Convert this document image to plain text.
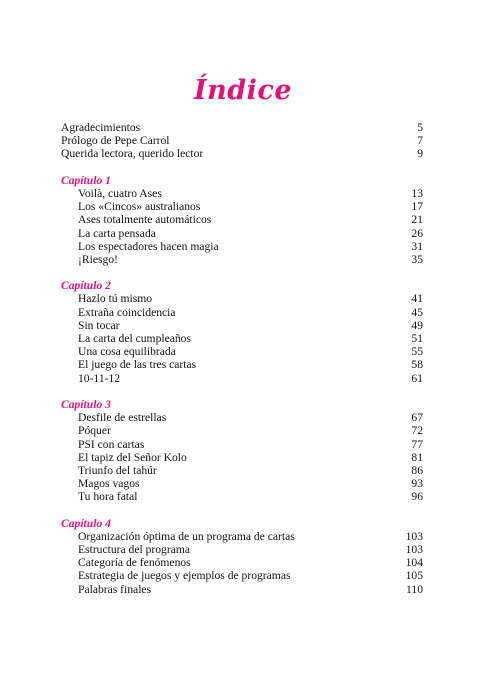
Índice
Agradecimientos	5
Prólogo de Pepe Carrol	7
Querida lectora, querido lector	9
Capítulo 1
Voilà, cuatro Ases	13
Los «Cincos» australianos	17
Ases totalmente automáticos	21
La carta pensada	26
Los espectadores hacen magia	31
¡Riesgo!	35
Capítulo 2
Hazlo tú mismo	41
Extraña coincidencia	45
Sin tocar	49
La carta del cumpleaños	51
Una cosa equilibrada	55
El juego de las tres cartas	58
10-11-12	61
Capítulo 3
Desfile de estrellas	67
Póquer	72
PSI con cartas	77
El tapiz del Señor Kolo	81
Triunfo del tahúr	86
Magos vagos	93
Tu hora fatal	96
Capítulo 4
Organización óptima de un programa de cartas	103
Estructura del programa	103
Categoría de fenómenos	104
Estrategia de juegos y ejemplos de programas	105
Palabras finales	110
